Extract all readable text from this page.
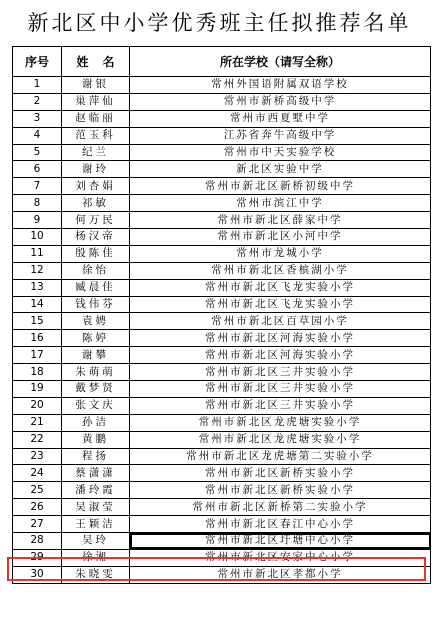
新北区中小学优秀班主任拟推荐名单
序号	姓名	所在学校（请写全称）
1	谢银	常州外国语附属双语学校
2	巢萍仙	常州市新桥高级中学
3	赵临丽	常州市西夏墅中学
4	范玉科	江苏省奔牛高级中学
5	纪兰	常州市中天实验学校
6	谢玲	新北区实验中学
7	刘杏娟	常州市新北区新桥初级中学
8	祁敏	常州市滨江中学
9	何万民	常州市新北区薛家中学
10	杨汉帝	常州市新北区小河中学
11	殷陈佳	常州市龙城小学
12	徐怡	常州市新北区香槟湖小学
13	臧晨佳	常州市新北区飞龙实验小学
14	钱伟芬	常州市新北区飞龙实验小学
15	袁娉	常州市新北区百草园小学
16	陈婷	常州市新北区河海实验小学
17	谢攀	常州市新北区河海实验小学
18	朱萌萌	常州市新北区三井实验小学
19	戴梦贤	常州市新北区三井实验小学
20	张文庆	常州市新北区三井实验小学
21	孙洁	常州市新北区龙虎塘实验小学
22	黄鹏	常州市新北区龙虎塘实验小学
23	程扬	常州市新北区龙虎塘第二实验小学
24	蔡潇潇	常州市新北区新桥实验小学
25	潘玲霞	常州市新北区新桥实验小学
26	吴淑莹	常州市新北区新桥第二实验小学
27	王颖洁	常州市新北区春江中心小学
28	吴玲	常州市新北区圩塘中心小学
29	徐湘	常州市新北区安家中心小学
30	朱晓雯	常州市新北区孝都小学
